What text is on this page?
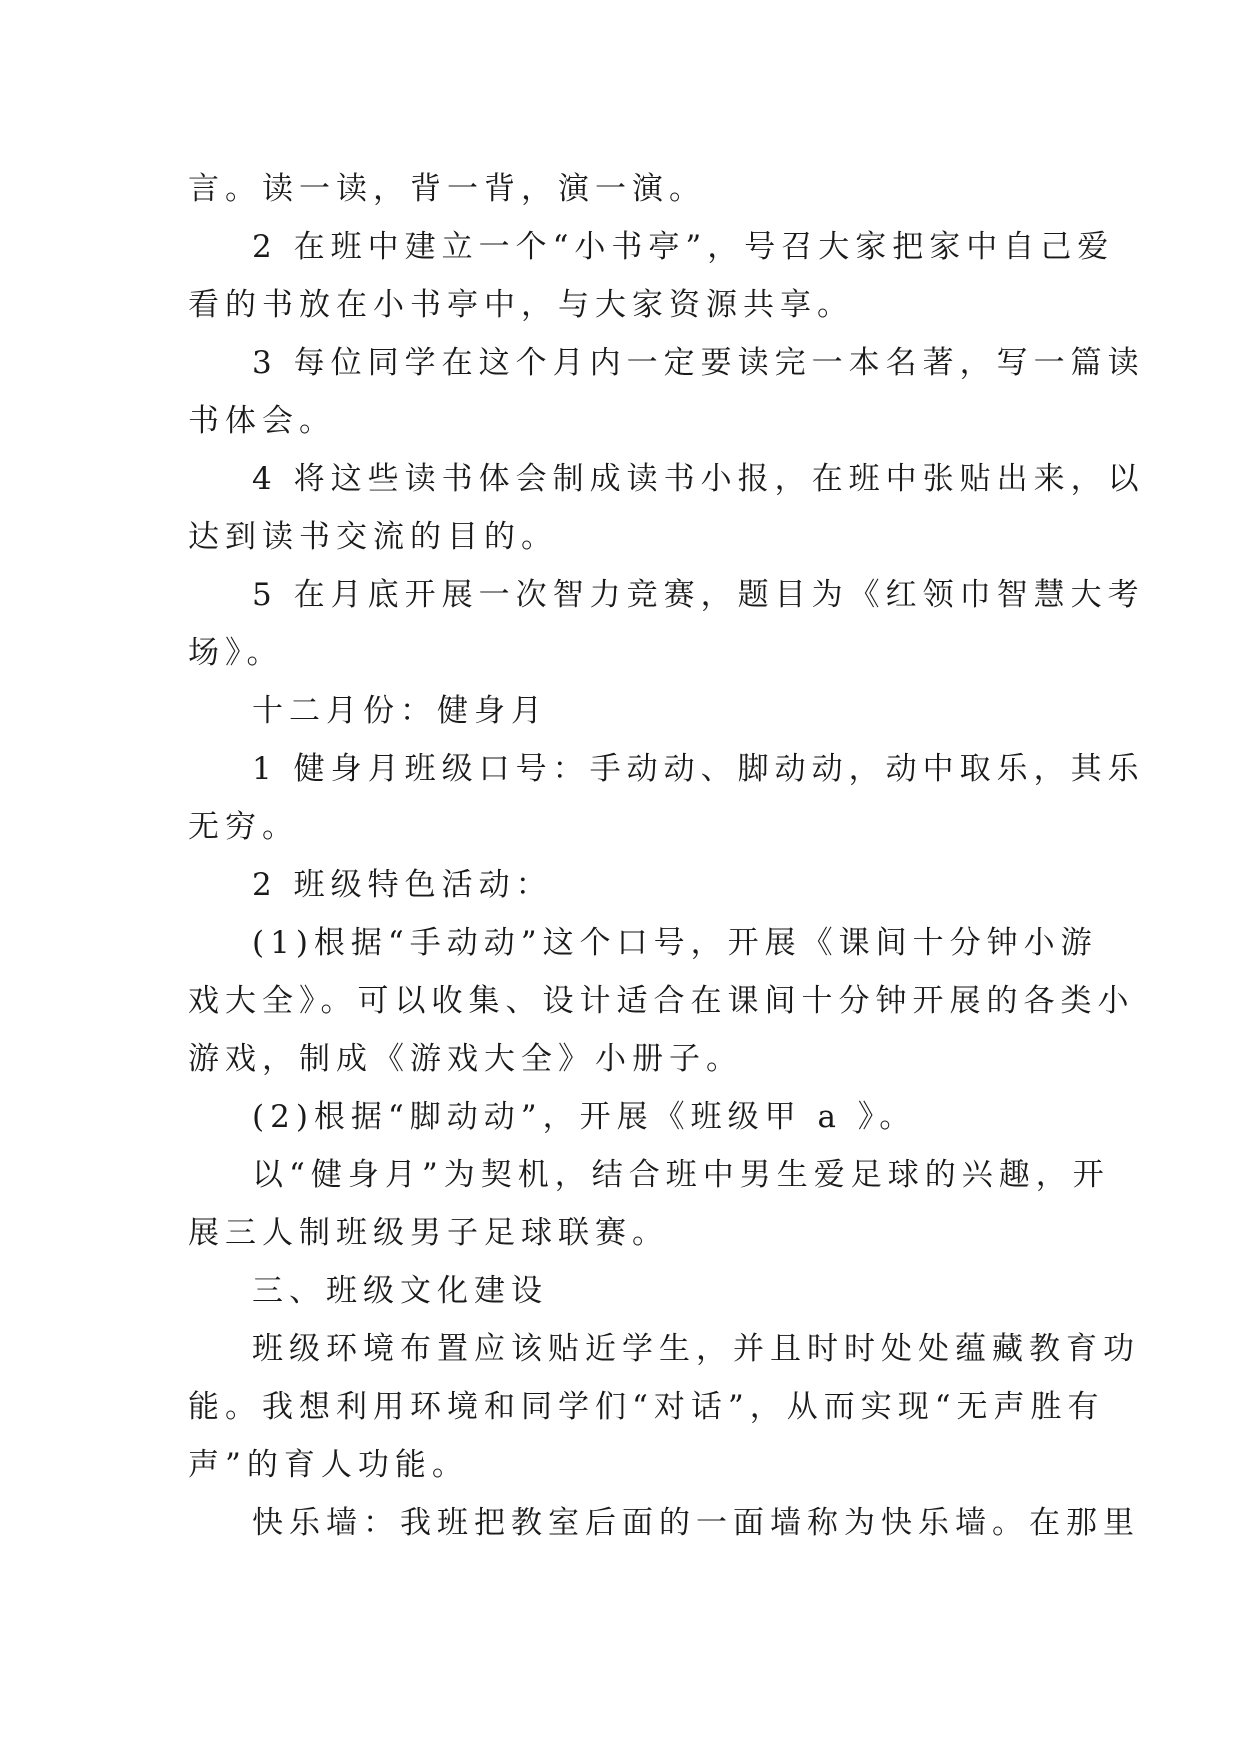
言。读一读，背一背，演一演。
2 在班中建立一个“小书亭”，号召大家把家中自己爱
看的书放在小书亭中，与大家资源共享。
3 每位同学在这个月内一定要读完一本名著，写一篇读
书体会。
4 将这些读书体会制成读书小报，在班中张贴出来，以
达到读书交流的目的。
5 在月底开展一次智力竞赛，题目为《红领巾智慧大考
场》。
十二月份：健身月
1 健身月班级口号：手动动、脚动动，动中取乐，其乐
无穷。
2 班级特色活动：
(1)根据“手动动”这个口号，开展《课间十分钟小游
戏大全》。可以收集、设计适合在课间十分钟开展的各类小
游戏，制成《游戏大全》小册子。
(2)根据“脚动动”，开展《班级甲 a 》。
以“健身月”为契机，结合班中男生爱足球的兴趣，开
展三人制班级男子足球联赛。
三、班级文化建设
班级环境布置应该贴近学生，并且时时处处蕴藏教育功
能。我想利用环境和同学们“对话”，从而实现“无声胜有
声”的育人功能。
快乐墙：我班把教室后面的一面墙称为快乐墙。在那里
